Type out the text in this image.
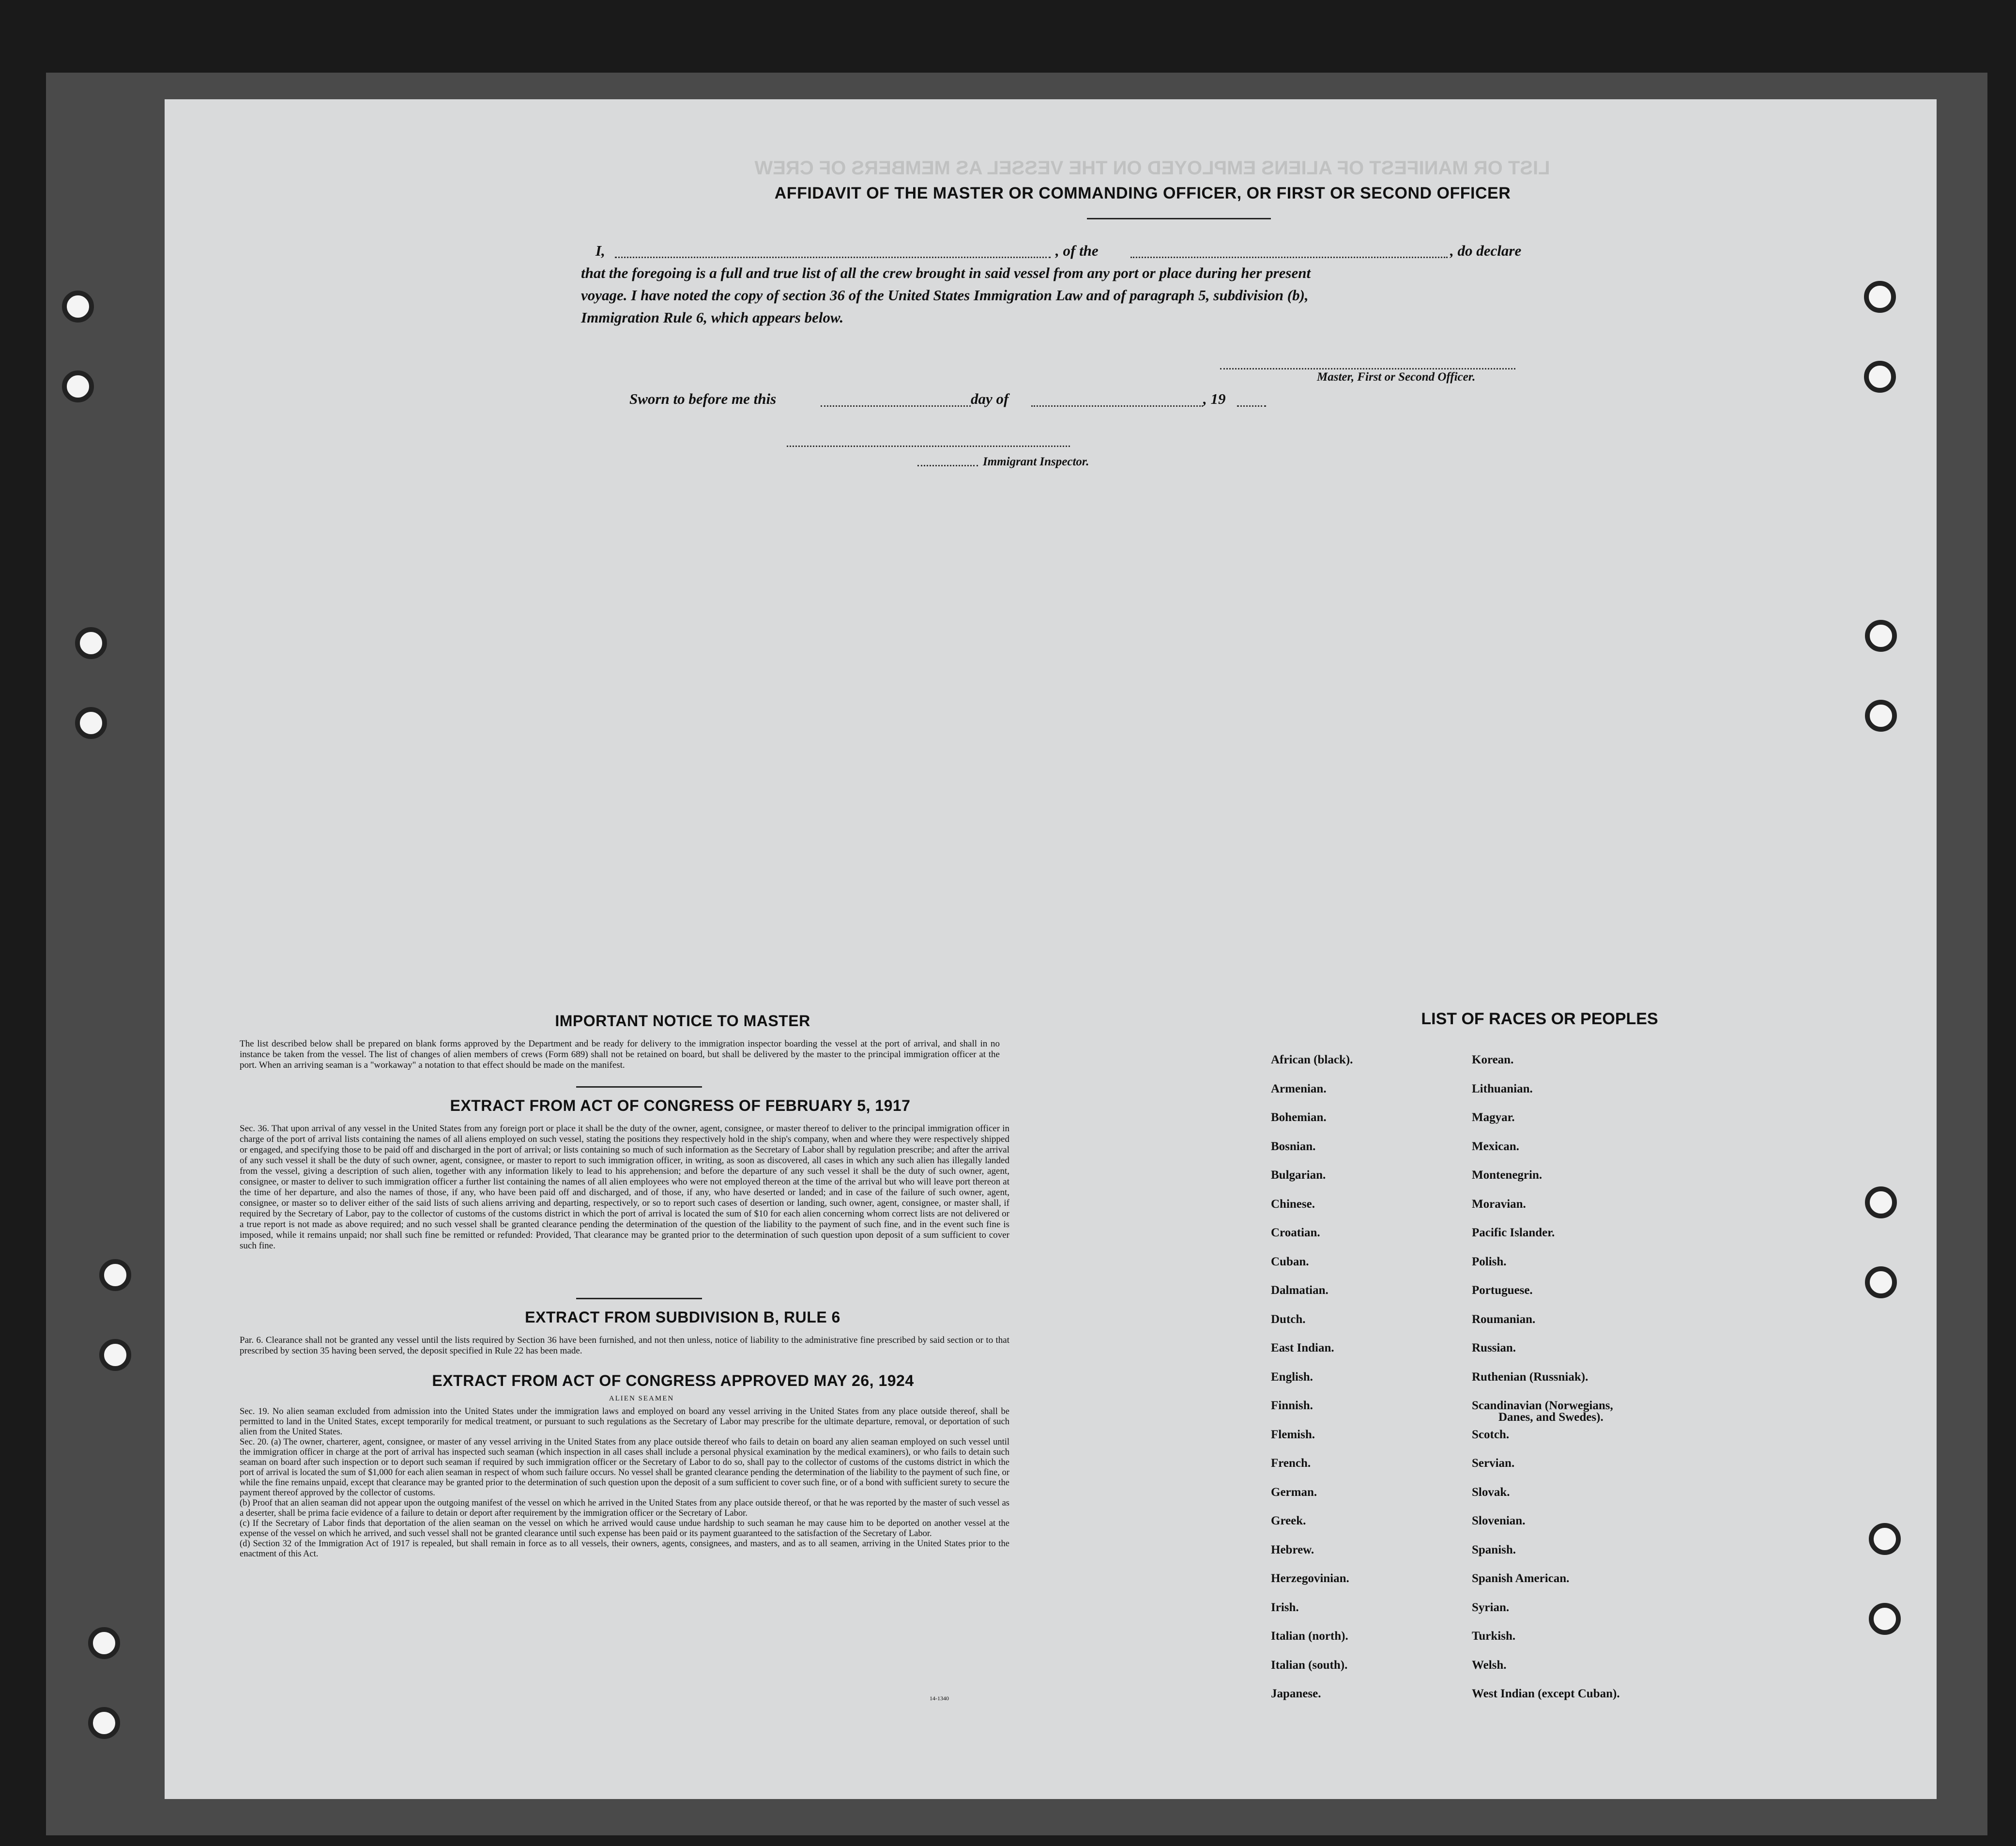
LIST OR MANIFEST OF ALIENS EMPLOYED ON THE VESSEL AS MEMBERS OF CREW
AFFIDAVIT OF THE MASTER OR COMMANDING OFFICER, OR FIRST OR SECOND OFFICER
I,	, of the	, do declare
that the foregoing is a full and true list of all the crew brought in said vessel from any port or place during her present
voyage. I have noted the copy of section 36 of the United States Immigration Law and of paragraph 5, subdivision (b),
Immigration Rule 6, which appears below.
Master, First or Second Officer.
Sworn to before me this	day of	, 19
Immigrant Inspector.
IMPORTANT NOTICE TO MASTER

The list described below shall be prepared on blank forms approved by the Department and be ready for delivery to the immigration inspector boarding the vessel at the port of arrival, and shall in no instance be taken from the vessel. The list of changes of alien members of crews (Form 689) shall not be retained on board, but shall be delivered by the master to the principal immigration officer at the port. When an arriving seaman is a "workaway" a notation to that effect should be made on the manifest.

EXTRACT FROM ACT OF CONGRESS OF FEBRUARY 5, 1917

Sec. 36. That upon arrival of any vessel in the United States from any foreign port or place it shall be the duty of the owner, agent, consignee, or master thereof to deliver to the principal immigration officer in charge of the port of arrival lists containing the names of all aliens employed on such vessel, stating the positions they respectively hold in the ship's company, when and where they were respectively shipped or engaged, and specifying those to be paid off and discharged in the port of arrival; or lists containing so much of such information as the Secretary of Labor shall by regulation prescribe; and after the arrival of any such vessel it shall be the duty of such owner, agent, consignee, or master to report to such immigration officer, in writing, as soon as discovered, all cases in which any such alien has illegally landed from the vessel, giving a description of such alien, together with any information likely to lead to his apprehension; and before the departure of any such vessel it shall be the duty of such owner, agent, consignee, or master to deliver to such immigration officer a further list containing the names of all alien employees who were not employed thereon at the time of the arrival but who will leave port thereon at the time of her departure, and also the names of those, if any, who have been paid off and discharged, and of those, if any, who have deserted or landed; and in case of the failure of such owner, agent, consignee, or master so to deliver either of the said lists of such aliens arriving and departing, respectively, or so to report such cases of desertion or landing, such owner, agent, consignee, or master shall, if required by the Secretary of Labor, pay to the collector of customs of the customs district in which the port of arrival is located the sum of $10 for each alien concerning whom correct lists are not delivered or a true report is not made as above required; and no such vessel shall be granted clearance pending the determination of the question of the liability to the payment of such fine, and in the event such fine is imposed, while it remains unpaid; nor shall such fine be remitted or refunded: Provided, That clearance may be granted prior to the determination of such question upon deposit of a sum sufficient to cover such fine.

EXTRACT FROM SUBDIVISION B, RULE 6

Par. 6. Clearance shall not be granted any vessel until the lists required by Section 36 have been furnished, and not then unless, notice of liability to the administrative fine prescribed by said section or to that prescribed by section 35 having been served, the deposit specified in Rule 22 has been made.

EXTRACT FROM ACT OF CONGRESS APPROVED MAY 26, 1924
ALIEN SEAMEN

Sec. 19. No alien seaman excluded from admission into the United States under the immigration laws and employed on board any vessel arriving in the United States from any place outside thereof, shall be permitted to land in the United States, except temporarily for medical treatment, or pursuant to such regulations as the Secretary of Labor may prescribe for the ultimate departure, removal, or deportation of such alien from the United States.
Sec. 20. (a) The owner, charterer, agent, consignee, or master of any vessel arriving in the United States from any place outside thereof who fails to detain on board any alien seaman employed on such vessel until the immigration officer in charge at the port of arrival has inspected such seaman (which inspection in all cases shall include a personal physical examination by the medical examiners), or who fails to detain such seaman on board after such inspection or to deport such seaman if required by such immigration officer or the Secretary of Labor to do so, shall pay to the collector of customs of the customs district in which the port of arrival is located the sum of $1,000 for each alien seaman in respect of whom such failure occurs. No vessel shall be granted clearance pending the determination of the liability to the payment of such fine, or while the fine remains unpaid, except that clearance may be granted prior to the determination of such question upon the deposit of a sum sufficient to cover such fine, or of a bond with sufficient surety to secure the payment thereof approved by the collector of customs.
(b) Proof that an alien seaman did not appear upon the outgoing manifest of the vessel on which he arrived in the United States from any place outside thereof, or that he was reported by the master of such vessel as a deserter, shall be prima facie evidence of a failure to detain or deport after requirement by the immigration officer or the Secretary of Labor.
(c) If the Secretary of Labor finds that deportation of the alien seaman on the vessel on which he arrived would cause undue hardship to such seaman he may cause him to be deported on another vessel at the expense of the vessel on which he arrived, and such vessel shall not be granted clearance until such expense has been paid or its payment guaranteed to the satisfaction of the Secretary of Labor.
(d) Section 32 of the Immigration Act of 1917 is repealed, but shall remain in force as to all vessels, their owners, agents, consignees, and masters, and as to all seamen, arriving in the United States prior to the enactment of this Act.

14-1340
LIST OF RACES OR PEOPLES
African (black).
Armenian.
Bohemian.
Bosnian.
Bulgarian.
Chinese.
Croatian.
Cuban.
Dalmatian.
Dutch.
East Indian.
English.
Finnish.
Flemish.
French.
German.
Greek.
Hebrew.
Herzegovinian.
Irish.
Italian (north).
Italian (south).
Japanese.
Korean.
Lithuanian.
Magyar.
Mexican.
Montenegrin.
Moravian.
Pacific Islander.
Polish.
Portuguese.
Roumanian.
Russian.
Ruthenian (Russniak).
Scandinavian (Norwegians,
Danes, and Swedes).
Scotch.
Servian.
Slovak.
Slovenian.
Spanish.
Spanish American.
Syrian.
Turkish.
Welsh.
West Indian (except Cuban).
